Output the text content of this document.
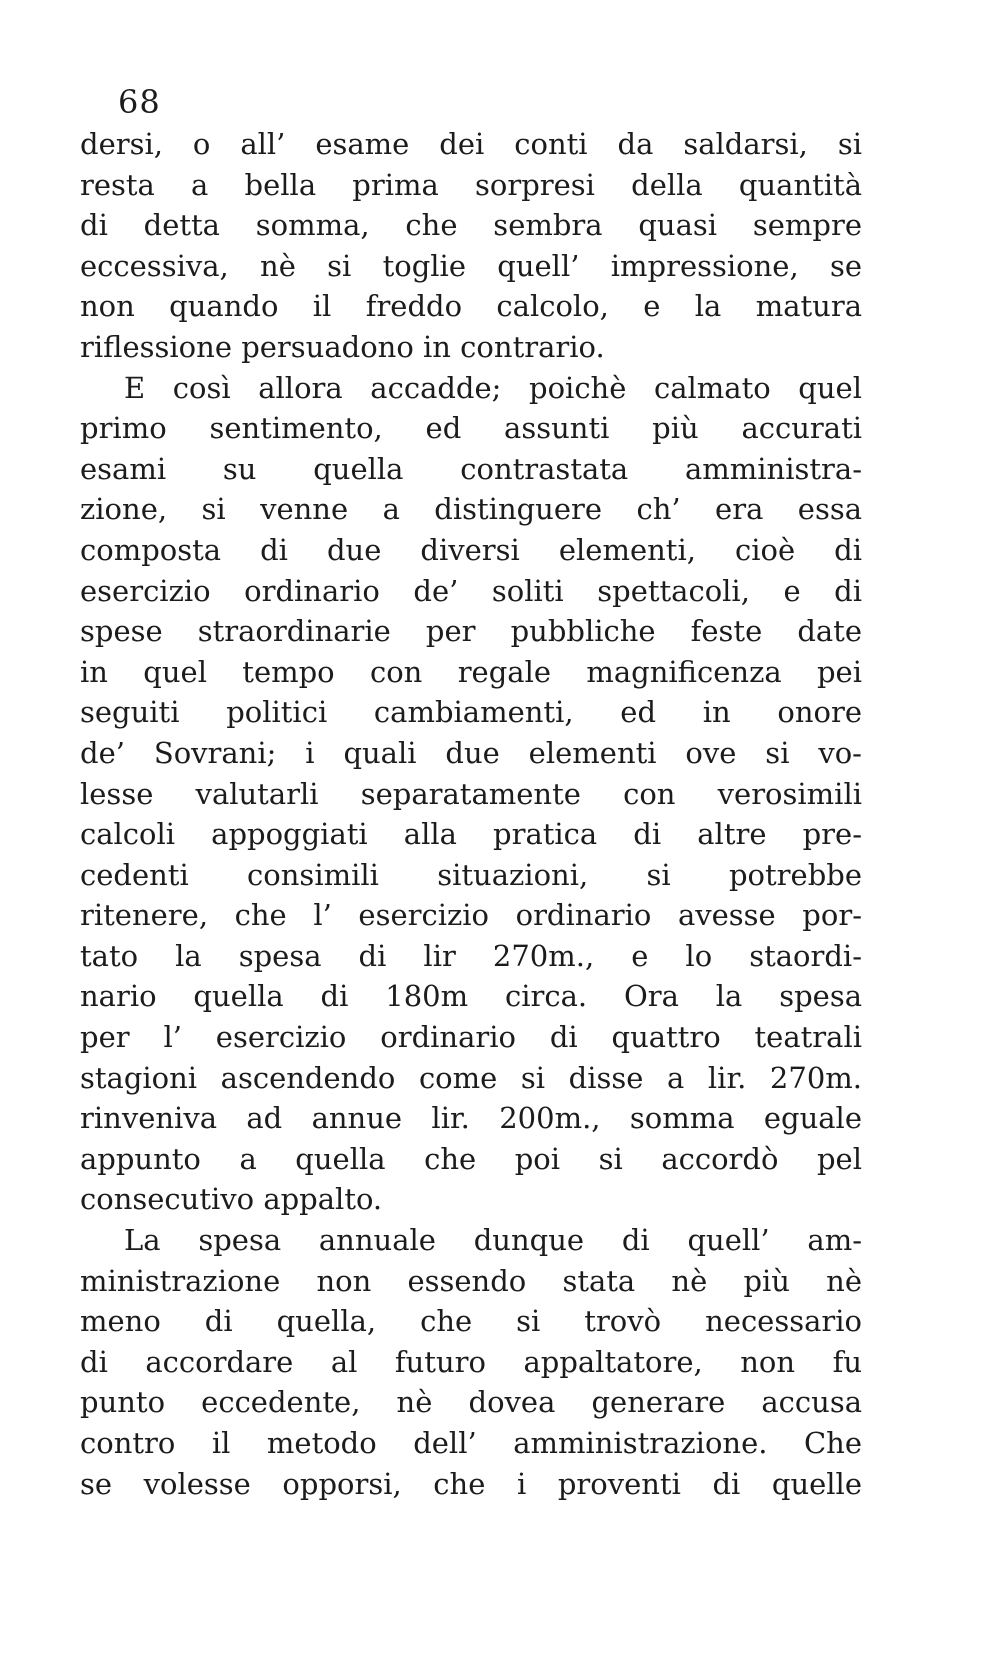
68
dersi, o all’ esame dei conti da saldarsi, si
resta a bella prima sorpresi della quantità
di detta somma, che sembra quasi sempre
eccessiva, nè si toglie quell’ impressione, se
non quando il freddo calcolo, e la matura
riflessione persuadono in contrario.
E così allora accadde; poichè calmato quel
primo sentimento, ed assunti più accurati
esami su quella contrastata amministra-
zione, si venne a distinguere ch’ era essa
composta di due diversi elementi, cioè di
esercizio ordinario de’ soliti spettacoli, e di
spese straordinarie per pubbliche feste date
in quel tempo con regale magnificenza pei
seguiti politici cambiamenti, ed in onore
de’ Sovrani; i quali due elementi ove si vo-
lesse valutarli separatamente con verosimili
calcoli appoggiati alla pratica di altre pre-
cedenti consimili situazioni, si potrebbe
ritenere, che l’ esercizio ordinario avesse por-
tato la spesa di lir 270m., e lo staordi-
nario quella di 180m circa. Ora la spesa
per l’ esercizio ordinario di quattro teatrali
stagioni ascendendo come si disse a lir. 270m.
rinveniva ad annue lir. 200m., somma eguale
appunto a quella che poi si accordò pel
consecutivo appalto.
La spesa annuale dunque di quell’ am-
ministrazione non essendo stata nè più nè
meno di quella, che si trovò necessario
di accordare al futuro appaltatore, non fu
punto eccedente, nè dovea generare accusa
contro il metodo dell’ amministrazione. Che
se volesse opporsi, che i proventi di quelle
